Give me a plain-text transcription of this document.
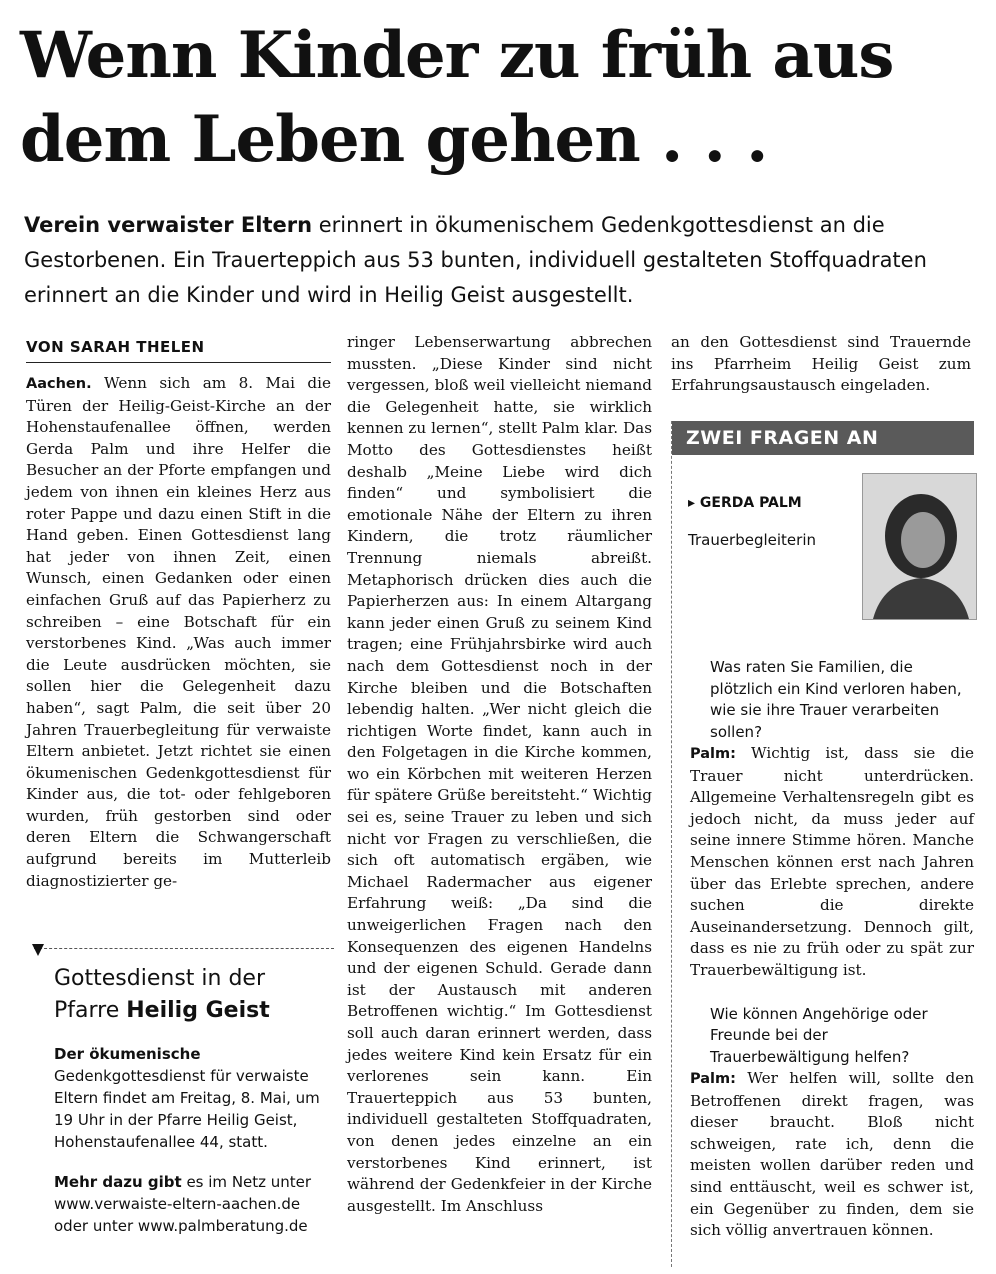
Wenn Kinder zu früh aus dem Leben gehen . . .

Verein verwaister Eltern erinnert in ökumenischem Gedenkgottesdienst an die Gestorbenen. Ein Trauerteppich aus 53 bunten, individuell gestalteten Stoffquadraten erinnert an die Kinder und wird in Heilig Geist ausgestellt.

VON SARAH THELEN

Aachen. Wenn sich am 8. Mai die Türen der Heilig-Geist-Kirche an der Hohenstaufenallee öffnen, werden Gerda Palm und ihre Helfer die Besucher an der Pforte empfangen und jedem von ihnen ein kleines Herz aus roter Pappe und dazu einen Stift in die Hand geben. Einen Gottesdienst lang hat jeder von ihnen Zeit, einen Wunsch, einen Gedanken oder einen einfachen Gruß auf das Papierherz zu schreiben – eine Botschaft für ein verstorbenes Kind. „Was auch immer die Leute ausdrücken möchten, sie sollen hier die Gelegenheit dazu haben“, sagt Palm, die seit über 20 Jahren Trauerbegleitung für verwaiste Eltern anbietet. Jetzt richtet sie einen ökumenischen Gedenkgottesdienst für Kinder aus, die tot- oder fehlgeboren wurden, früh gestorben sind oder deren Eltern die Schwangerschaft aufgrund bereits im Mutterleib diagnostizierter ge-

ringer Lebenserwartung abbrechen mussten. „Diese Kinder sind nicht vergessen, bloß weil vielleicht niemand die Gelegenheit hatte, sie wirklich kennen zu lernen“, stellt Palm klar. Das Motto des Gottesdienstes heißt deshalb „Meine Liebe wird dich finden“ und symbolisiert die emotionale Nähe der Eltern zu ihren Kindern, die trotz räumlicher Trennung niemals abreißt. Metaphorisch drücken dies auch die Papierherzen aus: In einem Altargang kann jeder einen Gruß zu seinem Kind tragen; eine Frühjahrsbirke wird auch nach dem Gottesdienst noch in der Kirche bleiben und die Botschaften lebendig halten. „Wer nicht gleich die richtigen Worte findet, kann auch in den Folgetagen in die Kirche kommen, wo ein Körbchen mit weiteren Herzen für spätere Grüße bereitsteht.“ Wichtig sei es, seine Trauer zu leben und sich nicht vor Fragen zu verschließen, die sich oft automatisch ergäben, wie Michael Radermacher aus eigener Erfahrung weiß: „Da sind die unweigerlichen Fragen nach den Konsequenzen des eigenen Handelns und der eigenen Schuld. Gerade dann ist der Austausch mit anderen Betroffenen wichtig.“ Im Gottesdienst soll auch daran erinnert werden, dass jedes weitere Kind kein Ersatz für ein verlorenes sein kann. Ein Trauerteppich aus 53 bunten, individuell gestalteten Stoffquadraten, von denen jedes einzelne an ein verstorbenes Kind erinnert, ist während der Gedenkfeier in der Kirche ausgestellt. Im Anschluss

an den Gottesdienst sind Trauernde ins Pfarrheim Heilig Geist zum Erfahrungsaustausch eingeladen.

Gottesdienst in der Pfarre Heilig Geist

Der ökumenische Gedenkgottesdienst für verwaiste Eltern findet am Freitag, 8. Mai, um 19 Uhr in der Pfarre Heilig Geist, Hohenstaufenallee 44, statt.

Mehr dazu gibt es im Netz unter www.verwaiste-eltern-aachen.de oder unter www.palmberatung.de

ZWEI FRAGEN AN
▸ GERDA PALM
Trauerbegleiterin

Was raten Sie Familien, die plötzlich ein Kind verloren haben, wie sie ihre Trauer verarbeiten sollen?

Palm: Wichtig ist, dass sie die Trauer nicht unterdrücken. Allgemeine Verhaltensregeln gibt es jedoch nicht, da muss jeder auf seine innere Stimme hören. Manche Menschen können erst nach Jahren über das Erlebte sprechen, andere suchen die direkte Auseinandersetzung. Dennoch gilt, dass es nie zu früh oder zu spät zur Trauerbewältigung ist.

Wie können Angehörige oder Freunde bei der Trauerbewältigung helfen?

Palm: Wer helfen will, sollte den Betroffenen direkt fragen, was dieser braucht. Bloß nicht schweigen, rate ich, denn die meisten wollen darüber reden und sind enttäuscht, weil es schwer ist, ein Gegenüber zu finden, dem sie sich völlig anvertrauen können.
